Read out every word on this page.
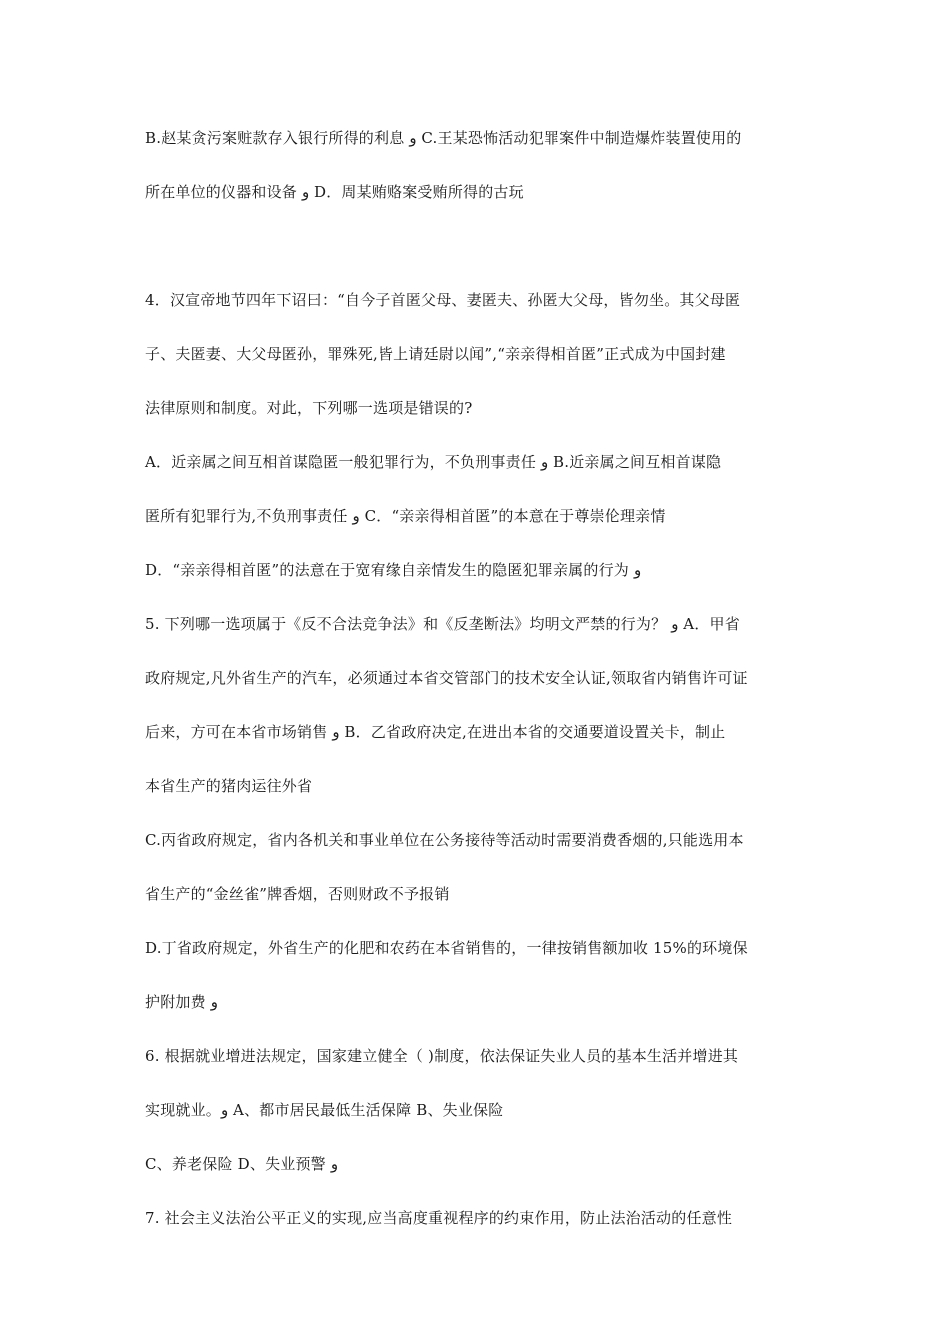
B.赵某贪污案赃款存入银行所得的利息 و C.王某恐怖活动犯罪案件中制造爆炸装置使用的
所在单位的仪器和设备 و D．周某贿赂案受贿所得的古玩
4．汉宣帝地节四年下诏曰：“自今子首匿父母、妻匿夫、孙匿大父母，皆勿坐。其父母匿
子、夫匿妻、大父母匿孙，罪殊死,皆上请廷尉以闻”,“亲亲得相首匿”正式成为中国封建
法律原则和制度。对此，下列哪一选项是错误的?
A．近亲属之间互相首谋隐匿一般犯罪行为，不负刑事责任 و B.近亲属之间互相首谋隐
匿所有犯罪行为,不负刑事责任 و C．“亲亲得相首匿”的本意在于尊崇伦理亲情
D．“亲亲得相首匿”的法意在于宽宥缘自亲情发生的隐匿犯罪亲属的行为 و
5. 下列哪一选项属于《反不合法竞争法》和《反垄断法》均明文严禁的行为？ و A．甲省
政府规定,凡外省生产的汽车，必须通过本省交管部门的技术安全认证,领取省内销售许可证
后来，方可在本省市场销售 و B．乙省政府决定,在进出本省的交通要道设置关卡，制止
本省生产的猪肉运往外省
C.丙省政府规定，省内各机关和事业单位在公务接待等活动时需要消费香烟的,只能选用本
省生产的“金丝雀”牌香烟，否则财政不予报销
D.丁省政府规定，外省生产的化肥和农药在本省销售的，一律按销售额加收 15%的环境保
护附加费 و
6. 根据就业增进法规定，国家建立健全（ )制度，依法保证失业人员的基本生活并增进其
实现就业。و A、都市居民最低生活保障 B、失业保险
C、养老保险 D、失业预警 و
7. 社会主义法治公平正义的实现,应当高度重视程序的约束作用，防止法治活动的任意性
